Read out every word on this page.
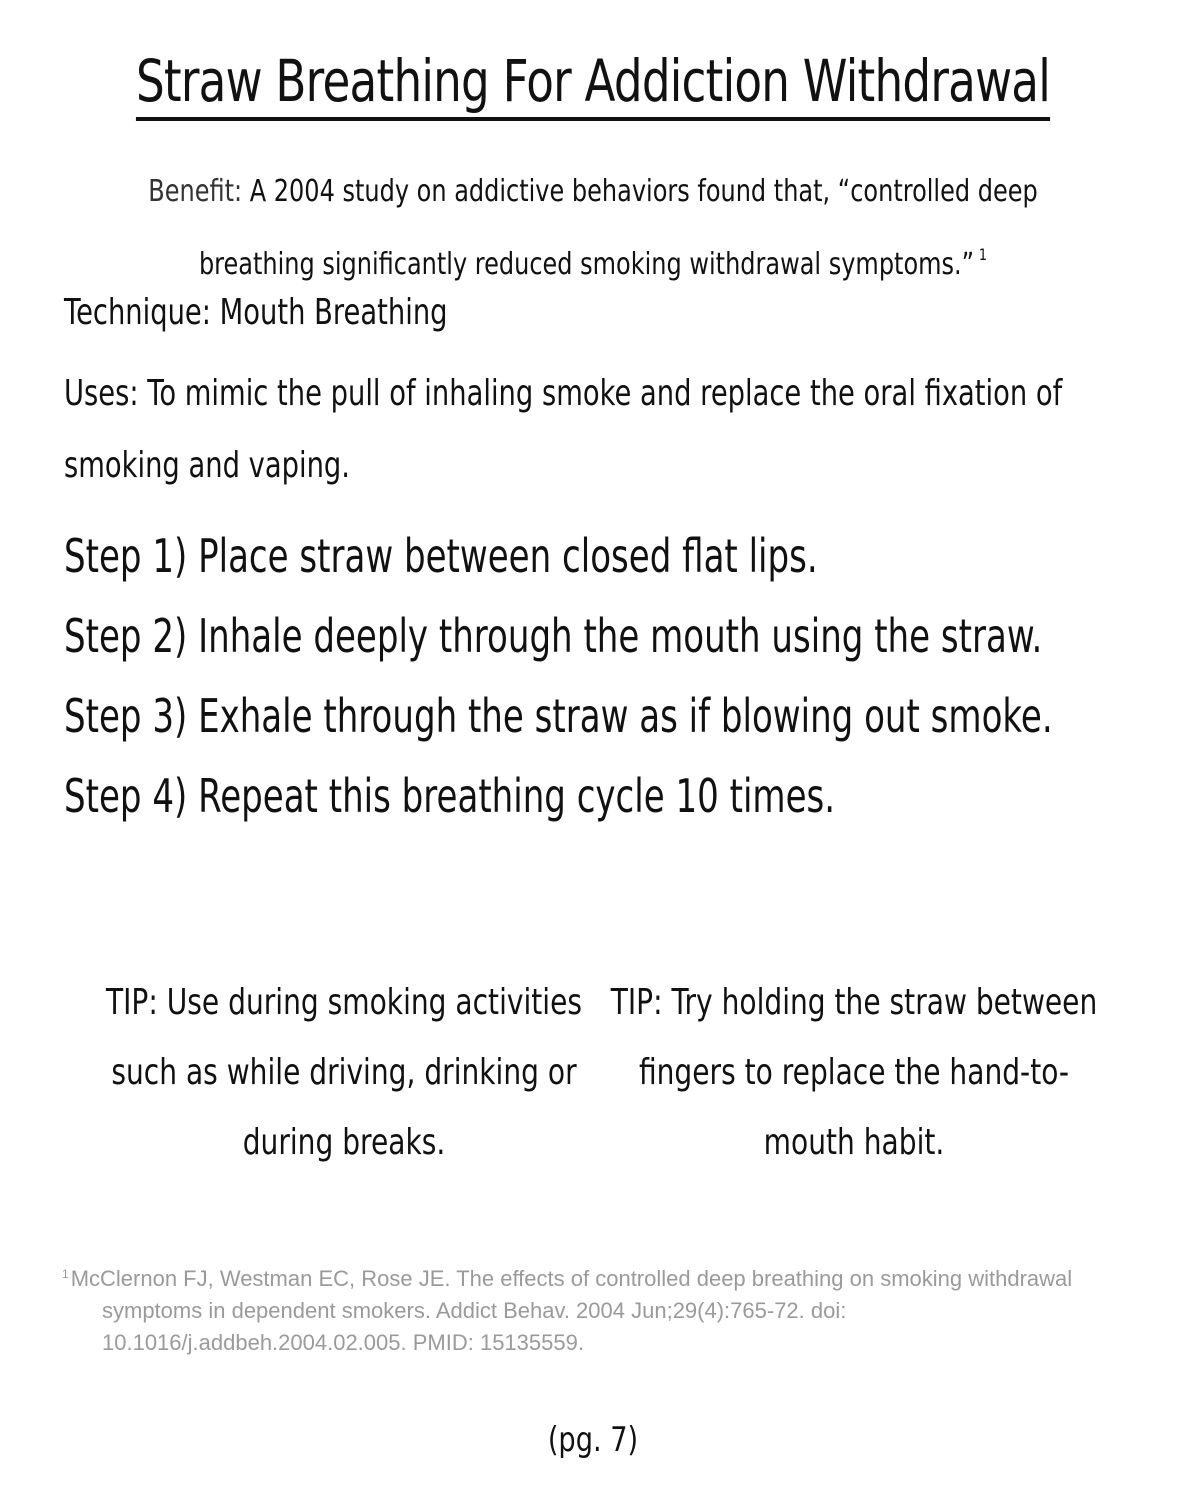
Straw Breathing For Addiction Withdrawal
Benefit: A 2004 study on addictive behaviors found that, “controlled deep breathing significantly reduced smoking withdrawal symptoms.” $^1$
Technique: Mouth Breathing
Uses: To mimic the pull of inhaling smoke and replace the oral fixation of smoking and vaping.
Step 1) Place straw between closed flat lips.
Step 2) Inhale deeply through the mouth using the straw.
Step 3) Exhale through the straw as if blowing out smoke.
Step 4) Repeat this breathing cycle 10 times.
TIP: Use during smoking activities such as while driving, drinking or during breaks.
TIP: Try holding the straw between fingers to replace the hand-to-mouth habit.
$^1$McClernon FJ, Westman EC, Rose JE. The effects of controlled deep breathing on smoking withdrawal symptoms in dependent smokers. Addict Behav. 2004 Jun;29(4):765-72. doi: 10.1016/j.addbeh.2004.02.005. PMID: 15135559.
(pg. 7)
